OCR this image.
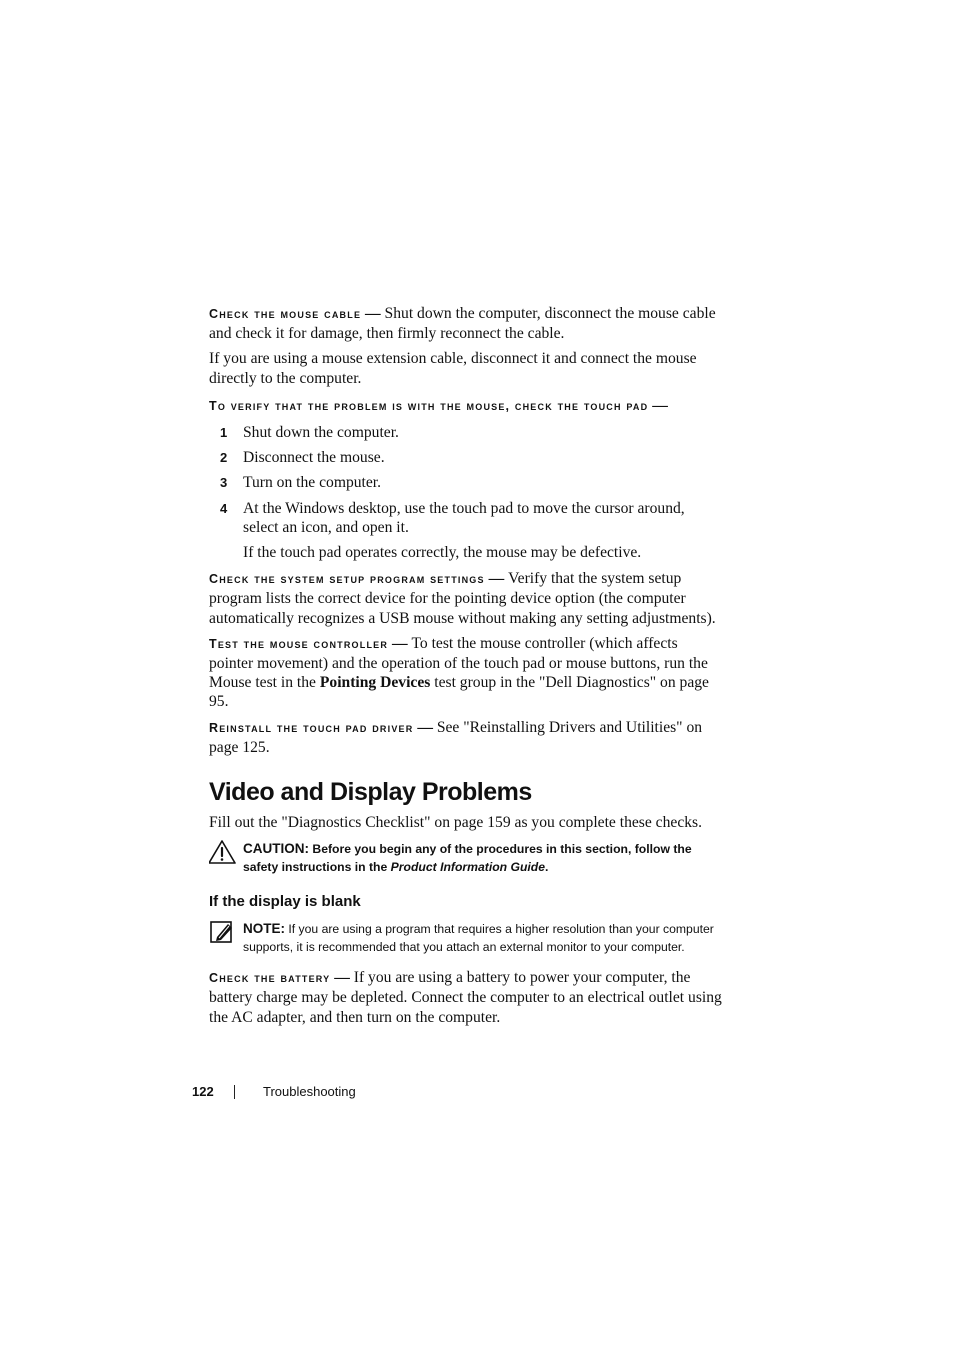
Check the mouse cable — Shut down the computer, disconnect the mouse cable and check it for damage, then firmly reconnect the cable.

If you are using a mouse extension cable, disconnect it and connect the mouse directly to the computer.

To verify that the problem is with the mouse, check the touch pad —

1 Shut down the computer.
2 Disconnect the mouse.
3 Turn on the computer.
4 At the Windows desktop, use the touch pad to move the cursor around, select an icon, and open it.

If the touch pad operates correctly, the mouse may be defective.

Check the system setup program settings — Verify that the system setup program lists the correct device for the pointing device option (the computer automatically recognizes a USB mouse without making any setting adjustments).

Test the mouse controller — To test the mouse controller (which affects pointer movement) and the operation of the touch pad or mouse buttons, run the Mouse test in the Pointing Devices test group in the "Dell Diagnostics" on page 95.

Reinstall the touch pad driver — See "Reinstalling Drivers and Utilities" on page 125.

Video and Display Problems

Fill out the "Diagnostics Checklist" on page 159 as you complete these checks.

CAUTION: Before you begin any of the procedures in this section, follow the safety instructions in the Product Information Guide.
If the display is blank
NOTE: If you are using a program that requires a higher resolution than your computer supports, it is recommended that you attach an external monitor to your computer.

Check the battery — If you are using a battery to power your computer, the battery charge may be depleted. Connect the computer to an electrical outlet using the AC adapter, and then turn on the computer.

122	Troubleshooting
